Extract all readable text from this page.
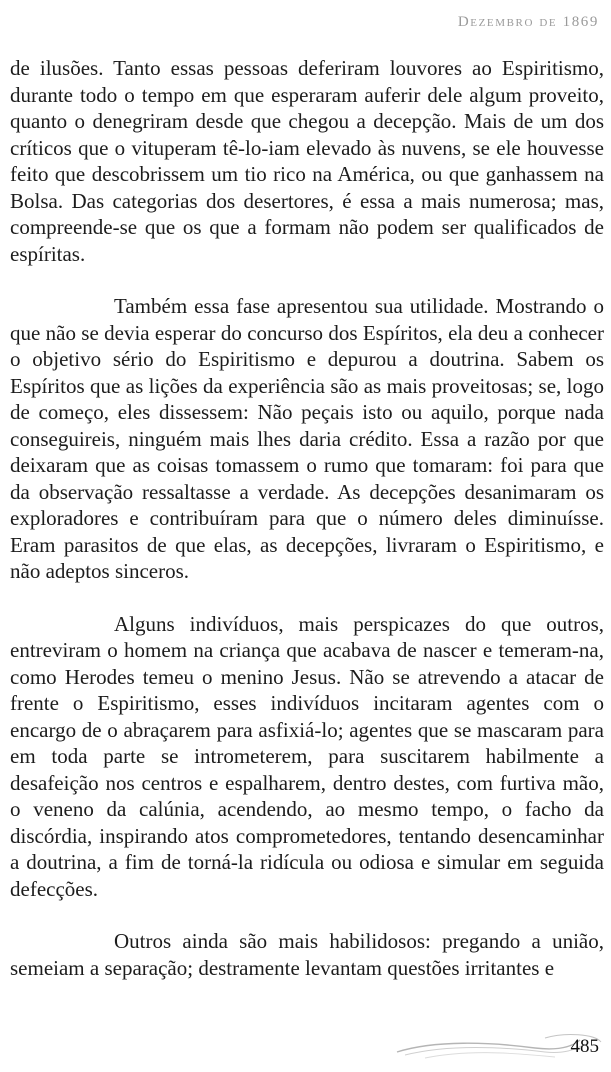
Dezembro de 1869

de ilusões. Tanto essas pessoas deferiram louvores ao Espiritismo, durante todo o tempo em que esperaram auferir dele algum proveito, quanto o denegriram desde que chegou a decepção. Mais de um dos críticos que o vituperam tê-lo-iam elevado às nuvens, se ele houvesse feito que descobrissem um tio rico na América, ou que ganhassem na Bolsa. Das categorias dos desertores, é essa a mais numerosa; mas, compreende-se que os que a formam não podem ser qualificados de espíritas.

Também essa fase apresentou sua utilidade. Mostrando o que não se devia esperar do concurso dos Espíritos, ela deu a conhecer o objetivo sério do Espiritismo e depurou a doutrina. Sabem os Espíritos que as lições da experiência são as mais proveitosas; se, logo de começo, eles dissessem: Não peçais isto ou aquilo, porque nada conseguireis, ninguém mais lhes daria crédito. Essa a razão por que deixaram que as coisas tomassem o rumo que tomaram: foi para que da observação ressaltasse a verdade. As decepções desanimaram os exploradores e contribuíram para que o número deles diminuísse. Eram parasitos de que elas, as decepções, livraram o Espiritismo, e não adeptos sinceros.

Alguns indivíduos, mais perspicazes do que outros, entreviram o homem na criança que acabava de nascer e temeram-na, como Herodes temeu o menino Jesus. Não se atrevendo a atacar de frente o Espiritismo, esses indivíduos incitaram agentes com o encargo de o abraçarem para asfixiá-lo; agentes que se mascaram para em toda parte se intrometerem, para suscitarem habilmente a desafeição nos centros e espalharem, dentro destes, com furtiva mão, o veneno da calúnia, acendendo, ao mesmo tempo, o facho da discórdia, inspirando atos comprometedores, tentando desencaminhar a doutrina, a fim de torná-la ridícula ou odiosa e simular em seguida defecções.

Outros ainda são mais habilidosos: pregando a união, semeiam a separação; destramente levantam questões irritantes e

485
